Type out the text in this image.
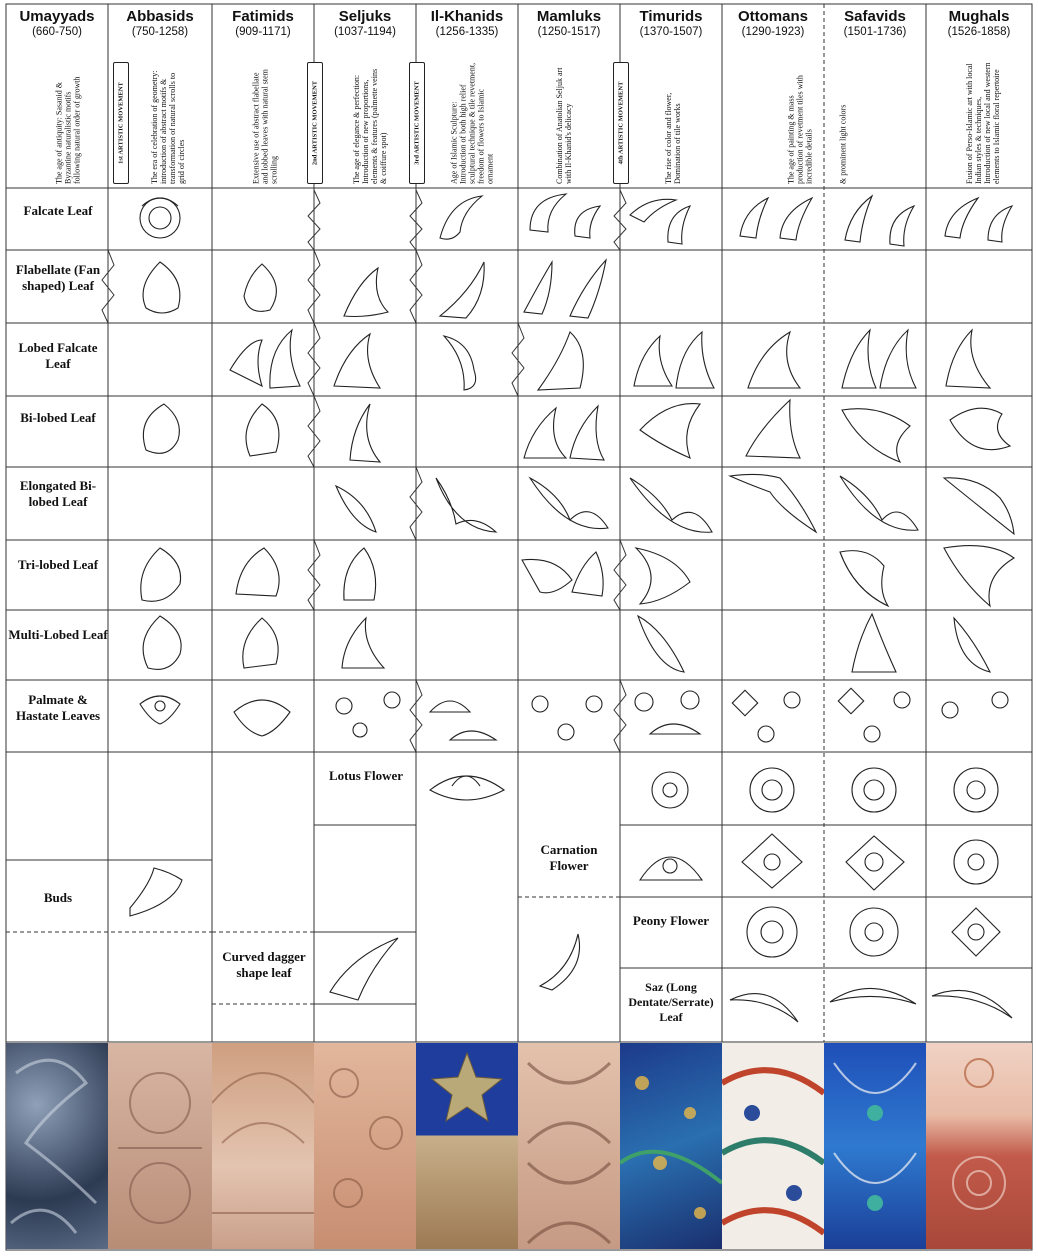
Umayyads
(660-750)
Abbasids
(750-1258)
Fatimids
(909-1171)
Seljuks
(1037-1194)
Il-Khanids
(1256-1335)
Mamluks
(1250-1517)
Timurids
(1370-1507)
Ottomans
(1290-1923)
Safavids
(1501-1736)
Mughals
(1526-1858)
The age of antiquity: Sasanid & Byzantine naturalistic motifs following natural order of growth	The era of celebration of geometry: introduction of abstract motifs & transformation of natural scrolls to grid of circles	Extensive use of abstract flabellate and lobbed leaves with natural stem scrolling	The age of elegance & perfection: Introduction of new proportions, elements & features (palmette veins & coiffure spot)	Age of Islamic Sculpture: Introduction of both high relief sculptural technique & tile revetment, freedom of flowers to Islamic ornament	Combination of Anatolian Seljuk art with Il-Khanid's delicacy	The rise of color and flower, Domination of tile works	The age of painting & mass production of revetment tiles with incredible details	& prominent light colors	Fusion of Perso-Islamic art with local Indian styles & techniques, Introduction of new local and western elements to Islamic floral repertoire
1st ARTISTIC MOVEMENT	2nd ARTISTIC MOVEMENT	3rd ARTISTIC MOVEMENT	4th ARTISTIC MOVEMENT
Falcate Leaf
Flabellate (Fan shaped) Leaf
Lobed Falcate Leaf
Bi-lobed Leaf
Elongated Bi-lobed Leaf
Tri-lobed Leaf
Multi-Lobed Leaf
Palmate & Hastate Leaves
Buds
Lotus Flower
Carnation Flower
Peony Flower
Curved dagger shape leaf
Saz (Long Dentate/Serrate) Leaf
